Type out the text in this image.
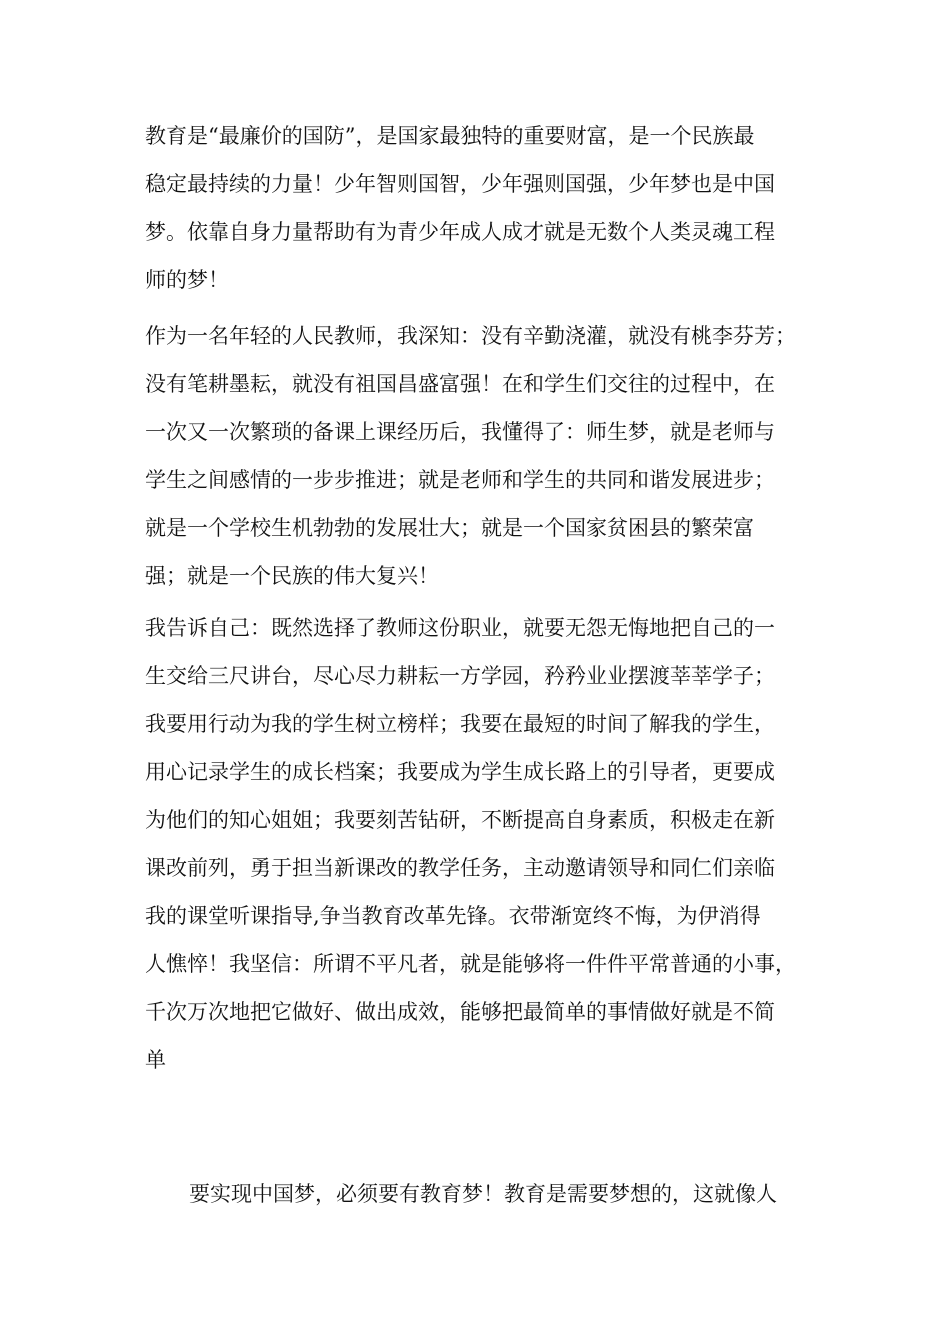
教育是“最廉价的国防”，是国家最独特的重要财富，是一个民族最
稳定最持续的力量！少年智则国智，少年强则国强，少年梦也是中国
梦。依靠自身力量帮助有为青少年成人成才就是无数个人类灵魂工程
师的梦！
作为一名年轻的人民教师，我深知：没有辛勤浇灌，就没有桃李芬芳；
没有笔耕墨耘，就没有祖国昌盛富强！在和学生们交往的过程中，在
一次又一次繁琐的备课上课经历后，我懂得了：师生梦，就是老师与
学生之间感情的一步步推进；就是老师和学生的共同和谐发展进步；
就是一个学校生机勃勃的发展壮大；就是一个国家贫困县的繁荣富
强；就是一个民族的伟大复兴！
我告诉自己：既然选择了教师这份职业，就要无怨无悔地把自己的一
生交给三尺讲台，尽心尽力耕耘一方学园，矜矜业业摆渡莘莘学子；
我要用行动为我的学生树立榜样；我要在最短的时间了解我的学生，
用心记录学生的成长档案；我要成为学生成长路上的引导者，更要成
为他们的知心姐姐；我要刻苦钻研，不断提高自身素质，积极走在新
课改前列，勇于担当新课改的教学任务，主动邀请领导和同仁们亲临
我的课堂听课指导,争当教育改革先锋。衣带渐宽终不悔，为伊消得
人憔悴！我坚信：所谓不平凡者，就是能够将一件件平常普通的小事，
千次万次地把它做好、做出成效，能够把最简单的事情做好就是不简
单
要实现中国梦，必须要有教育梦！教育是需要梦想的，这就像人
